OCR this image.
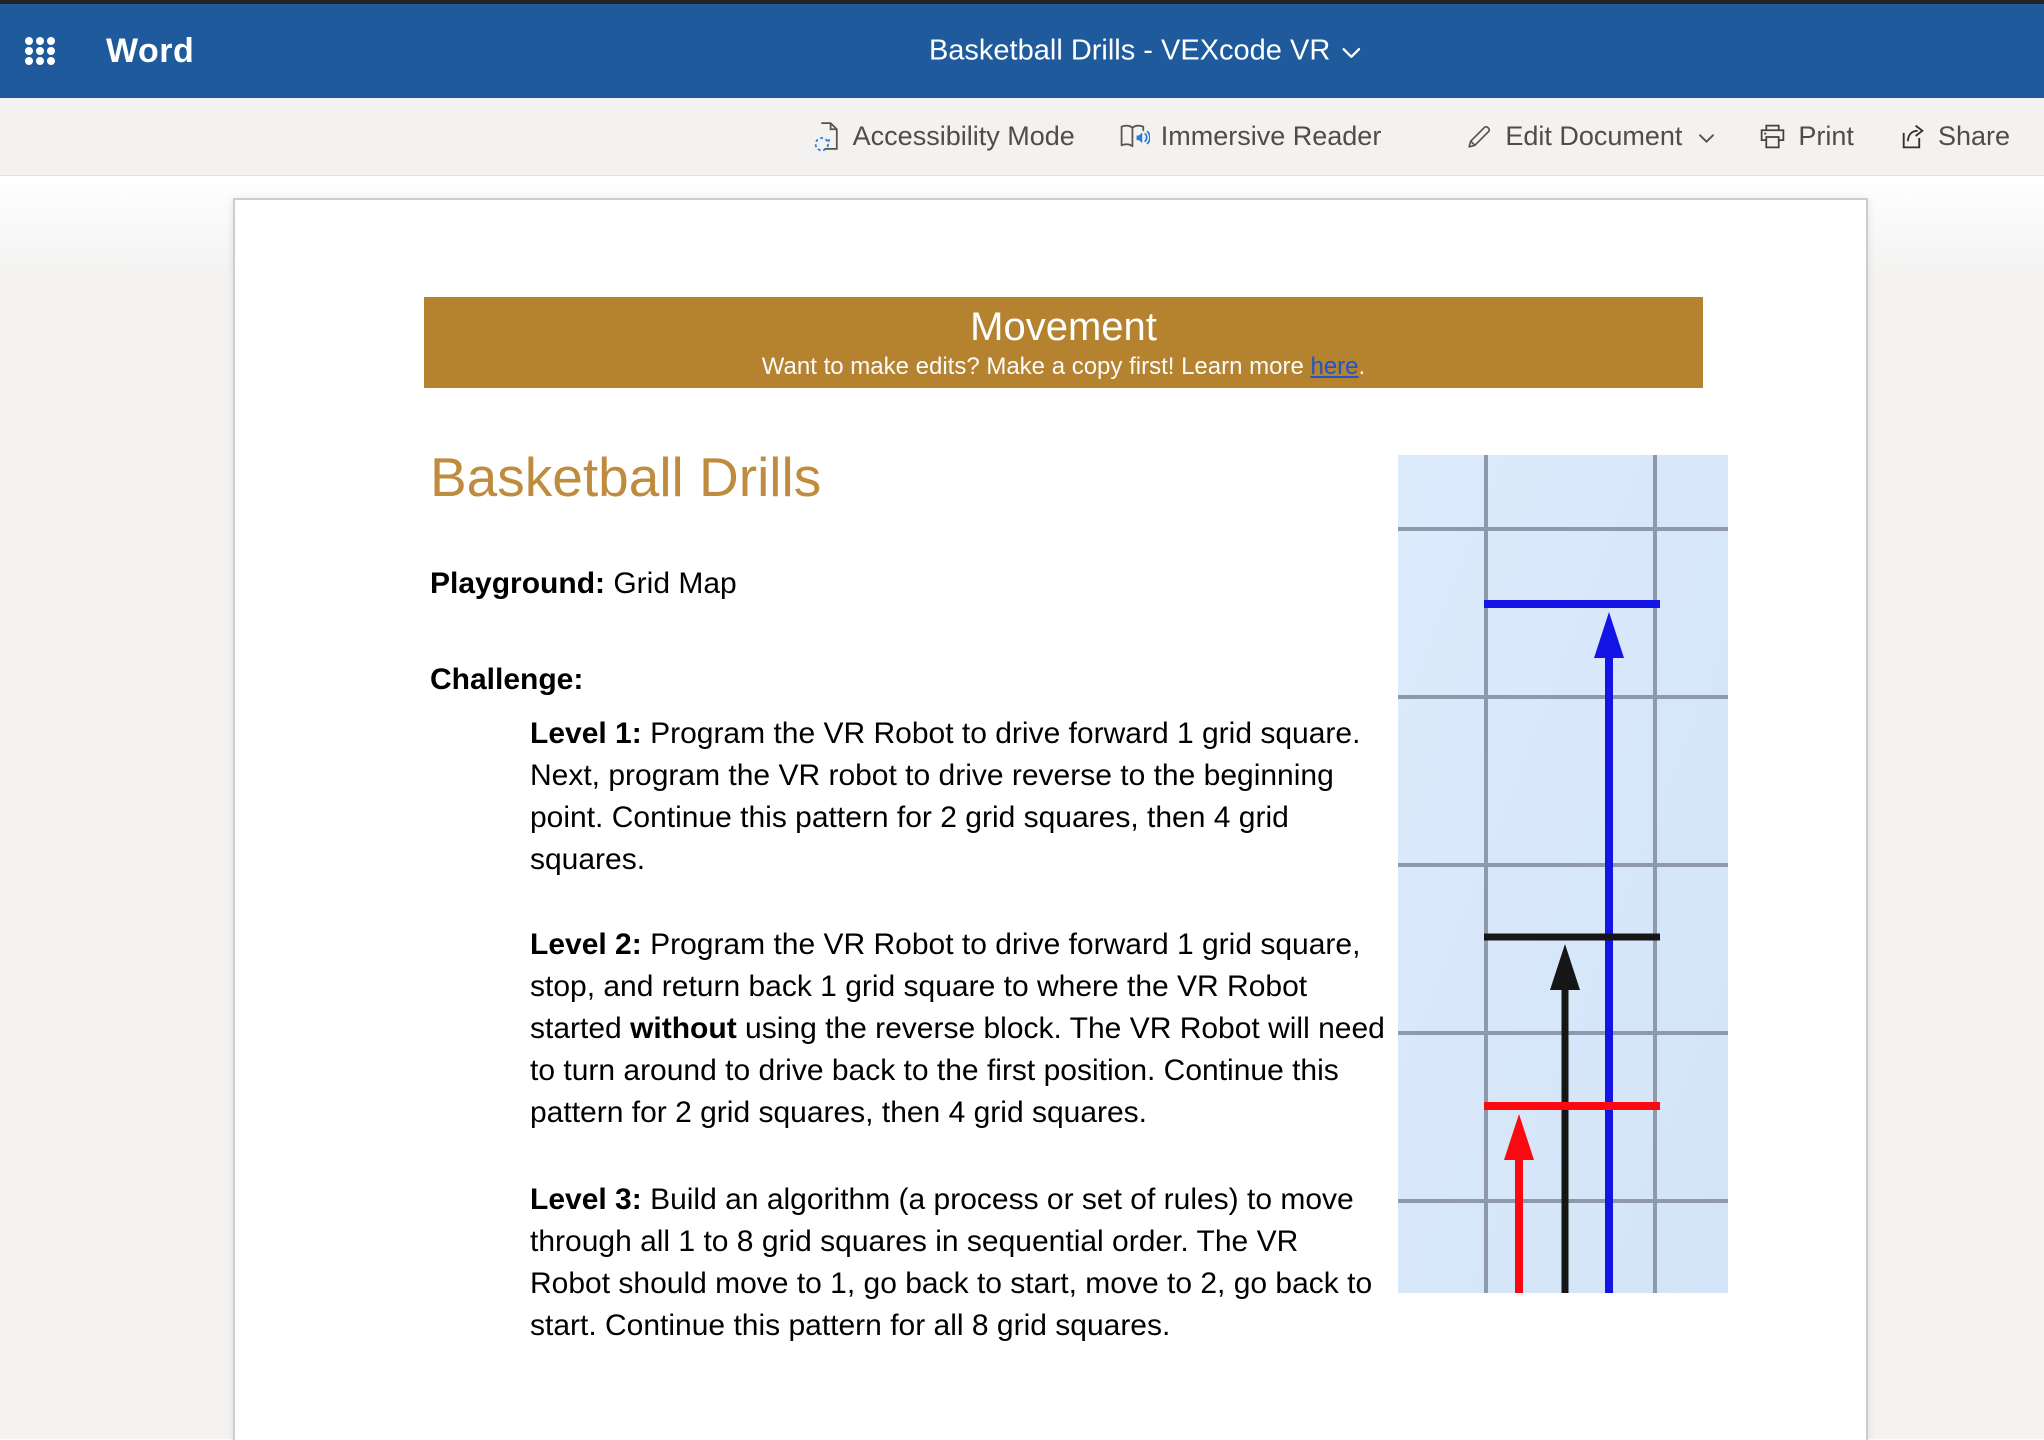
Word	Basketball Drills - VEXcode VR
Accessibility Mode	Immersive Reader	Edit Document	Print	Share
Movement
Want to make edits? Make a copy first! Learn more here.
Basketball Drills

Playground: Grid Map

Challenge:

Level 1: Program the VR Robot to drive forward 1 grid square. Next, program the VR robot to drive reverse to the beginning point. Continue this pattern for 2 grid squares, then 4 grid squares.

Level 2: Program the VR Robot to drive forward 1 grid square, stop, and return back 1 grid square to where the VR Robot started without using the reverse block. The VR Robot will need to turn around to drive back to the first position. Continue this pattern for 2 grid squares, then 4 grid squares.

Level 3: Build an algorithm (a process or set of rules) to move through all 1 to 8 grid squares in sequential order. The VR Robot should move to 1, go back to start, move to 2, go back to start. Continue this pattern for all 8 grid squares.
